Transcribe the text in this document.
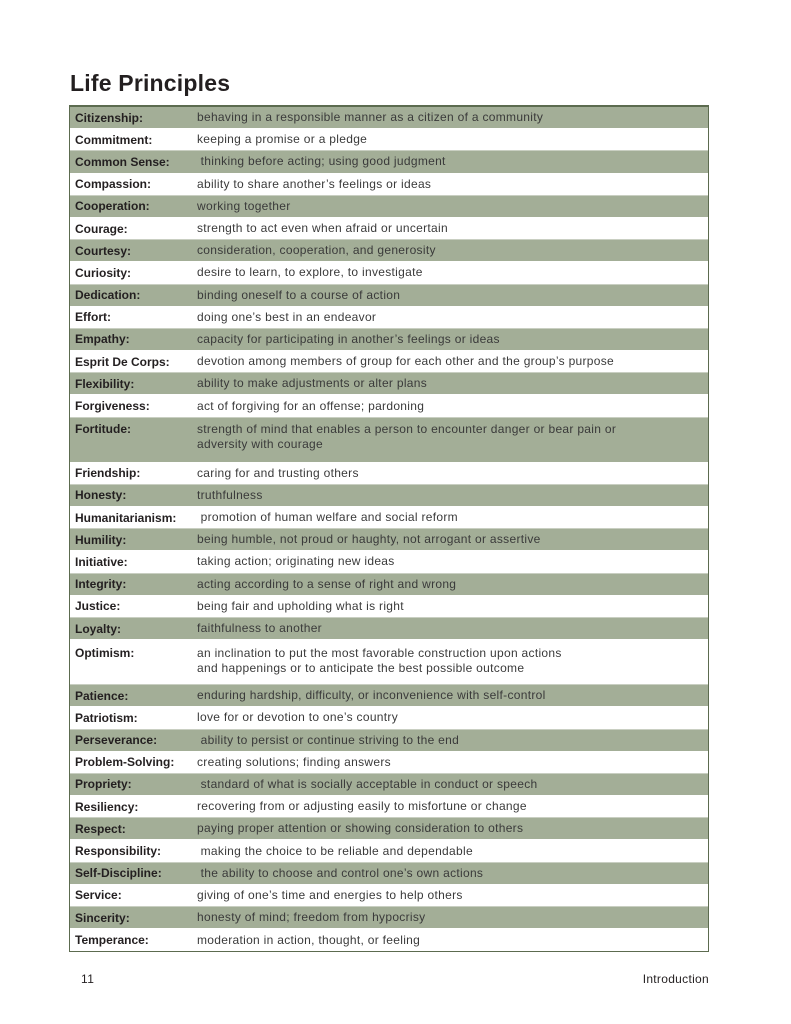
Life Principles
Citizenship:	behaving in a responsible manner as a citizen of a community
Commitment:	keeping a promise or a pledge
Common Sense:	thinking before acting; using good judgment
Compassion:	ability to share another’s feelings or ideas
Cooperation:	working together
Courage:	strength to act even when afraid or uncertain
Courtesy:	consideration, cooperation, and generosity
Curiosity:	desire to learn, to explore, to investigate
Dedication:	binding oneself to a course of action
Effort:	doing one’s best in an endeavor
Empathy:	capacity for participating in another’s feelings or ideas
Esprit De Corps:	devotion among members of group for each other and the group’s purpose
Flexibility:	ability to make adjustments or alter plans
Forgiveness:	act of forgiving for an offense; pardoning
Fortitude:	strength of mind that enables a person to encounter danger or bear pain or
adversity with courage
Friendship:	caring for and trusting others
Honesty:	truthfulness
Humanitarianism:	promotion of human welfare and social reform
Humility:	being humble, not proud or haughty, not arrogant or assertive
Initiative:	taking action; originating new ideas
Integrity:	acting according to a sense of right and wrong
Justice:	being fair and upholding what is right
Loyalty:	faithfulness to another
Optimism:	an inclination to put the most favorable construction upon actions
and happenings or to anticipate the best possible outcome
Patience:	enduring hardship, difficulty, or inconvenience with self-control
Patriotism:	love for or devotion to one’s country
Perseverance:	ability to persist or continue striving to the end
Problem-Solving:	creating solutions; finding answers
Propriety:	standard of what is socially acceptable in conduct or speech
Resiliency:	recovering from or adjusting easily to misfortune or change
Respect:	paying proper attention or showing consideration to others
Responsibility:	making the choice to be reliable and dependable
Self-Discipline:	the ability to choose and control one’s own actions
Service:	giving of one’s time and energies to help others
Sincerity:	honesty of mind; freedom from hypocrisy
Temperance:	moderation in action, thought, or feeling
11	Introduction
